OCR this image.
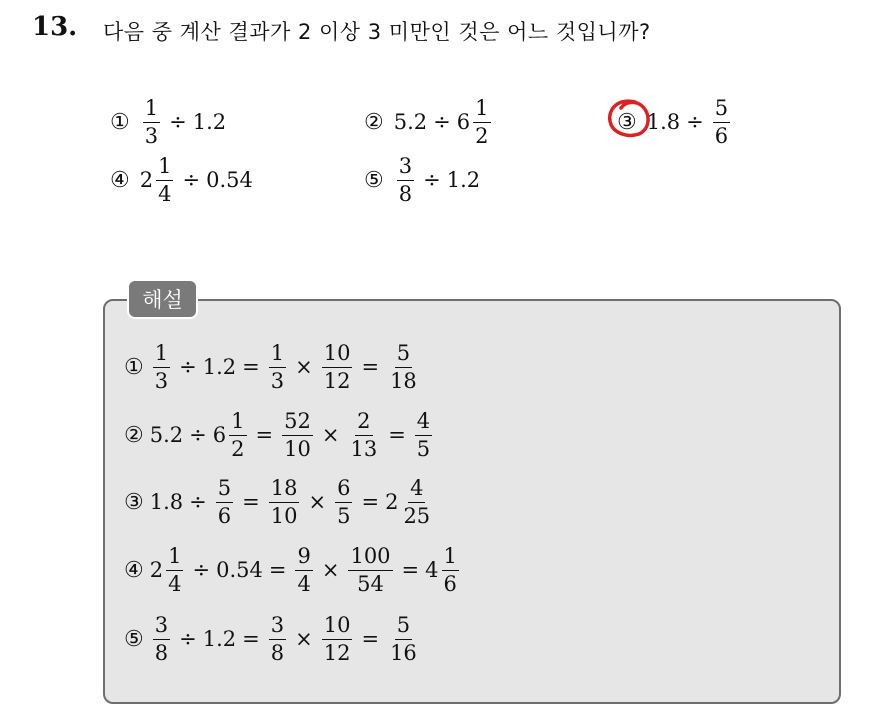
13. 다음 중 계산 결과가 2 이상 3 미만인 것은 어느 것입니까?
① $\frac{1}{3} \div 1.2$	② $5.2 \div 6 \frac{1}{2}$	③ $1.8 \div \frac{5}{6}$
④ $2 \frac{1}{4} \div 0.54$	⑤ $\frac{3}{8} \div 1.2$
해설
① $\frac{1}{3} \div 1.2 = \frac{1}{3} \times \frac{10}{12} = \frac{5}{18}$
② $5.2 \div 6 \frac{1}{2} = \frac{52}{10} \times \frac{2}{13} = \frac{4}{5}$
③ $1.8 \div \frac{5}{6} = \frac{18}{10} \times \frac{6}{5} = 2 \frac{4}{25}$
④ $2 \frac{1}{4} \div 0.54 = \frac{9}{4} \times \frac{100}{54} = 4 \frac{1}{6}$
⑤ $\frac{3}{8} \div 1.2 = \frac{3}{8} \times \frac{10}{12} = \frac{5}{16}$
